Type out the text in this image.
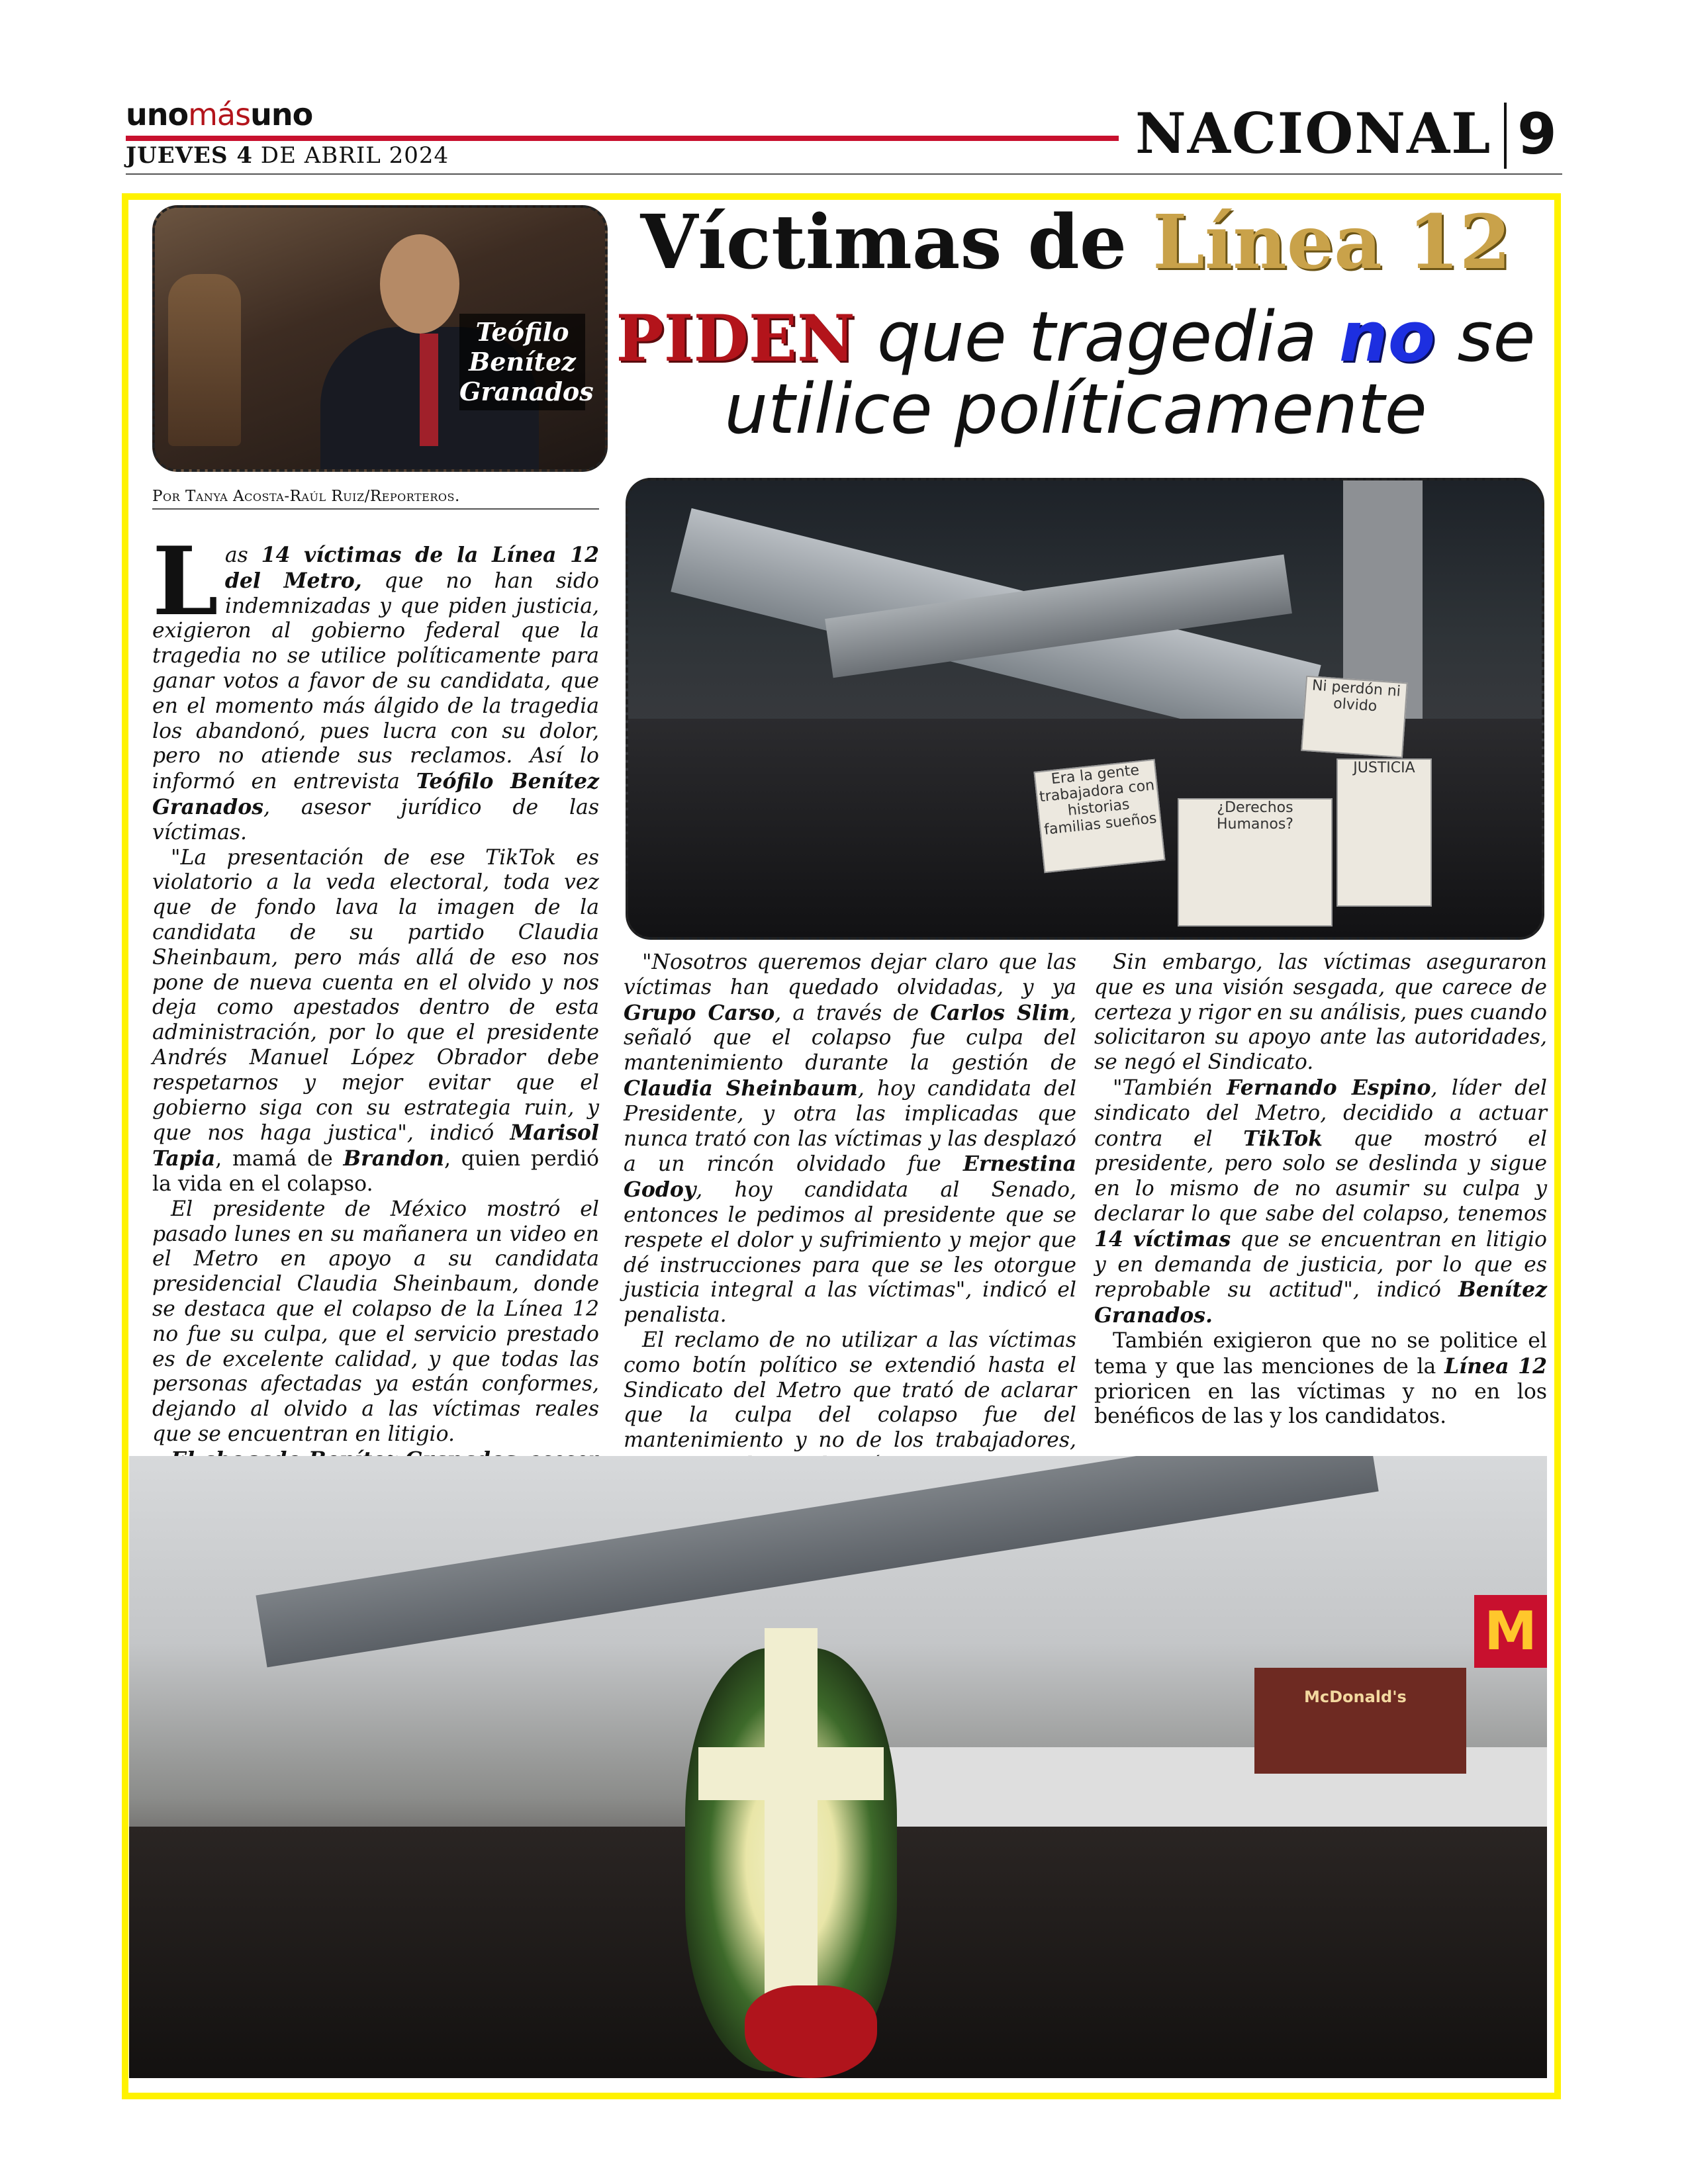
unomásuno
JUEVES 4 DE ABRIL 2024	NACIONAL 9
Teófilo
Benítez
Granados
Víctimas de Línea 12
PIDEN que tragedia no se
utilice políticamente
Por Tanya Acosta-Raúl Ruiz/Reporteros.
Era la gente trabajadora con historias familias sueños
¿Derechos Humanos?
JUSTICIA
Ni perdón ni olvido

Las 14 víctimas de la Línea 12 del Metro, que no han sido indemnizadas y que piden justicia, exigieron al gobierno federal que la tragedia no se utilice políticamente para ganar votos a favor de su candidata, que en el momento más álgido de la tragedia los abandonó, pues lucra con su dolor, pero no atiende sus reclamos. Así lo informó en entrevista Teófilo Benítez Granados, asesor jurídico de las víctimas.

"La presentación de ese TikTok es violatorio a la veda electoral, toda vez que de fondo lava la imagen de la candidata de su partido Claudia Sheinbaum, pero más allá de eso nos pone de nueva cuenta en el olvido y nos deja como apestados dentro de esta administración, por lo que el presidente Andrés Manuel López Obrador debe respetarnos y mejor evitar que el gobierno siga con su estrategia ruin, y que nos haga justica", indicó Marisol Tapia, mamá de Brandon, quien perdió la vida en el colapso.

El presidente de México mostró el pasado lunes en su mañanera un video en el Metro en apoyo a su candidata presidencial Claudia Sheinbaum, donde se destaca que el colapso de la Línea 12 no fue su culpa, que el servicio prestado es de excelente calidad, y que todas las personas afectadas ya están conformes, dejando al olvido a las víctimas reales que se encuentran en litigio.

"Nosotros queremos dejar claro que las víctimas han quedado olvidadas, y ya Grupo Carso, a través de Carlos Slim, señaló que el colapso fue culpa del mantenimiento durante la gestión de Claudia Sheinbaum, hoy candidata del Presidente, y otra las implicadas que nunca trató con las víctimas y las desplazó a un rincón olvidado fue Ernestina Godoy, hoy candidata al Senado, entonces le pedimos al presidente que se respete el dolor y sufrimiento y mejor que dé instrucciones para que se les otorgue justicia integral a las víctimas", indicó el penalista.

El reclamo de no utilizar a las víctimas como botín político se extendió hasta el Sindicato del Metro que trató de aclarar que la culpa del colapso fue del mantenimiento y no de los trabajadores,

Sin embargo, las víctimas aseguraron que es una visión sesgada, que carece de certeza y rigor en su análisis, pues cuando solicitaron su apoyo ante las autoridades, se negó el Sindicato.

"También Fernando Espino, líder del sindicato del Metro, decidido a actuar contra el TikTok que mostró el presidente, pero solo se deslinda y sigue en lo mismo de no asumir su culpa y declarar lo que sabe del colapso, tenemos 14 víctimas que se encuentran en litigio y en demanda de justicia, por lo que es reprobable su actitud", indicó Benítez Granados.

También exigieron que no se politice el tema y que las menciones de la Línea 12 prioricen en las víctimas y no en los benéficos de las y los candidatos.

McDonald's
M
